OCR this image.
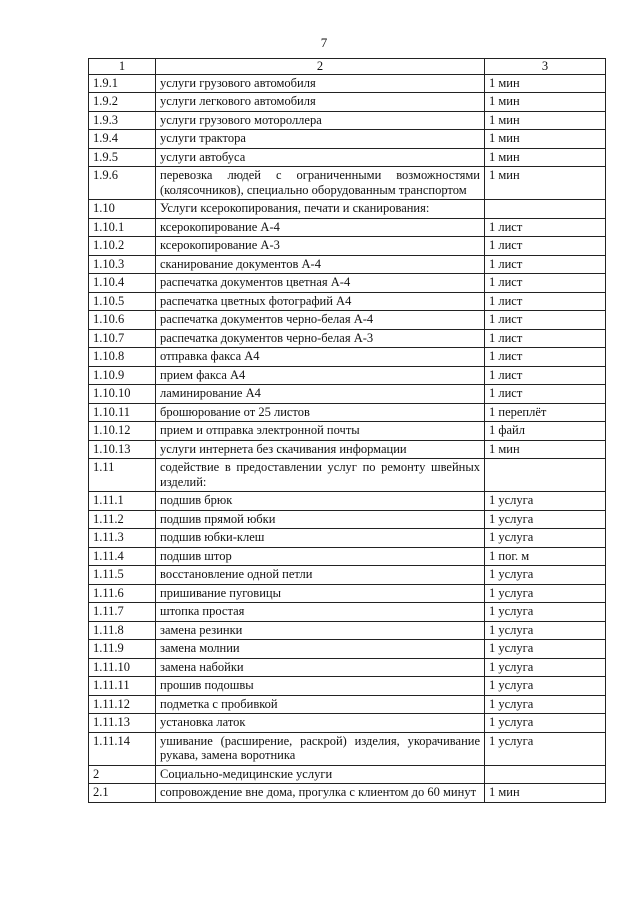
7
1	2	3
1.9.1	услуги грузового автомобиля	1 мин
1.9.2	услуги легкового автомобиля	1 мин
1.9.3	услуги грузового мотороллера	1 мин
1.9.4	услуги трактора	1 мин
1.9.5	услуги автобуса	1 мин
1.9.6	перевозка людей с ограниченными возможностями (колясочников), специально оборудованным транспортом	1 мин
1.10	Услуги ксерокопирования, печати и сканирования:	
1.10.1	ксерокопирование А-4	1 лист
1.10.2	ксерокопирование А-3	1 лист
1.10.3	сканирование документов А-4	1 лист
1.10.4	распечатка документов цветная А-4	1 лист
1.10.5	распечатка цветных фотографий А4	1 лист
1.10.6	распечатка документов черно-белая А-4	1 лист
1.10.7	распечатка документов черно-белая А-3	1 лист
1.10.8	отправка факса А4	1 лист
1.10.9	прием факса А4	1 лист
1.10.10	ламинирование А4	1 лист
1.10.11	брошюрование от 25 листов	1 переплёт
1.10.12	прием и отправка электронной почты	1 файл
1.10.13	услуги интернета без скачивания информации	1 мин
1.11	содействие в предоставлении услуг по ремонту швейных изделий:	
1.11.1	подшив брюк	1 услуга
1.11.2	подшив прямой юбки	1 услуга
1.11.3	подшив юбки-клеш	1 услуга
1.11.4	подшив штор	1 пог. м
1.11.5	восстановление одной петли	1 услуга
1.11.6	пришивание пуговицы	1 услуга
1.11.7	штопка простая	1 услуга
1.11.8	замена резинки	1 услуга
1.11.9	замена молнии	1 услуга
1.11.10	замена набойки	1 услуга
1.11.11	прошив подошвы	1 услуга
1.11.12	подметка с пробивкой	1 услуга
1.11.13	установка латок	1 услуга
1.11.14	ушивание (расширение, раскрой) изделия, укорачивание рукава, замена воротника	1 услуга
2	Социально-медицинские услуги	
2.1	сопровождение вне дома, прогулка с клиентом до 60 минут	1 мин
